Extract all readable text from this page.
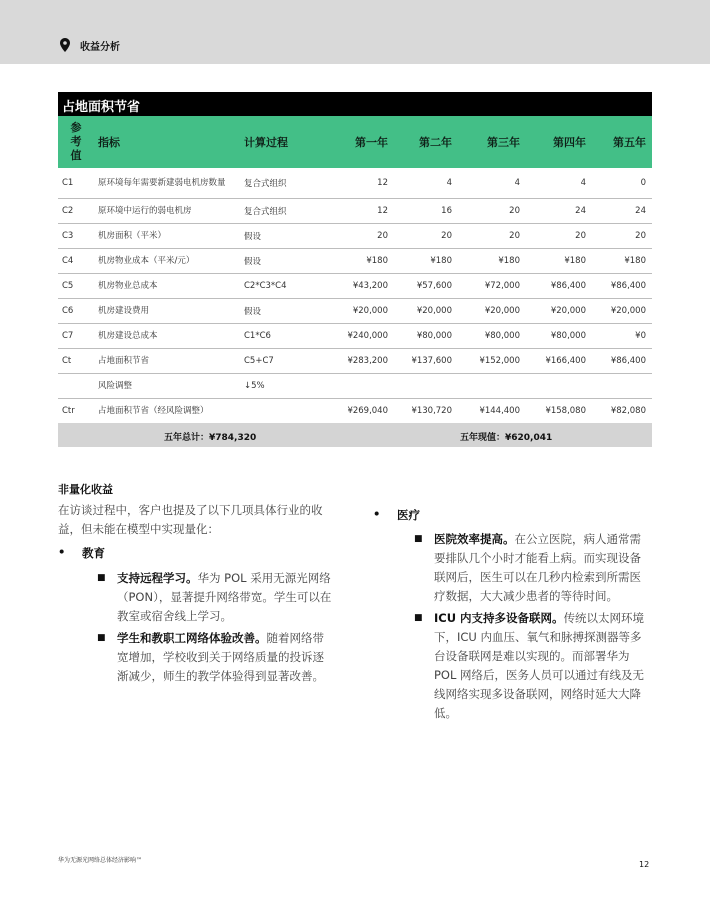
收益分析
占地面积节省
参
考
值	指标	计算过程	第一年	第二年	第三年	第四年	第五年
C1	原环境每年需要新建弱电机房数量	复合式组织	12	4	4	4	0
C2	原环境中运行的弱电机房	复合式组织	12	16	20	24	24
C3	机房面积（平米）	假设	20	20	20	20	20
C4	机房物业成本（平米/元）	假设	¥180	¥180	¥180	¥180	¥180
C5	机房物业总成本	C2*C3*C4	¥43,200	¥57,600	¥72,000	¥86,400	¥86,400
C6	机房建设费用	假设	¥20,000	¥20,000	¥20,000	¥20,000	¥20,000
C7	机房建设总成本	C1*C6	¥240,000	¥80,000	¥80,000	¥80,000	¥0
Ct	占地面积节省	C5+C7	¥283,200	¥137,600	¥152,000	¥166,400	¥86,400
	风险调整	↓5%					
Ctr	占地面积节省（经风险调整）		¥269,040	¥130,720	¥144,400	¥158,080	¥82,080
五年总计：¥784,320	五年现值：¥620,041
非量化收益
在访谈过程中，客户也提及了以下几项具体行业的收益，但未能在模型中实现量化：
• 教育
■ 支持远程学习。华为 POL 采用无源光网络（PON），显著提升网络带宽。学生可以在教室或宿舍线上学习。
■ 学生和教职工网络体验改善。随着网络带宽增加，学校收到关于网络质量的投诉逐渐减少，师生的教学体验得到显著改善。
• 医疗
■ 医院效率提高。在公立医院，病人通常需要排队几个小时才能看上病。而实现设备联网后，医生可以在几秒内检索到所需医疗数据，大大减少患者的等待时间。
■ ICU 内支持多设备联网。传统以太网环境下，ICU 内血压、氧气和脉搏探测器等多台设备联网是难以实现的。而部署华为 POL 网络后，医务人员可以通过有线及无线网络实现多设备联网，网络时延大大降低。
华为无源光网络总体经济影响™	12
